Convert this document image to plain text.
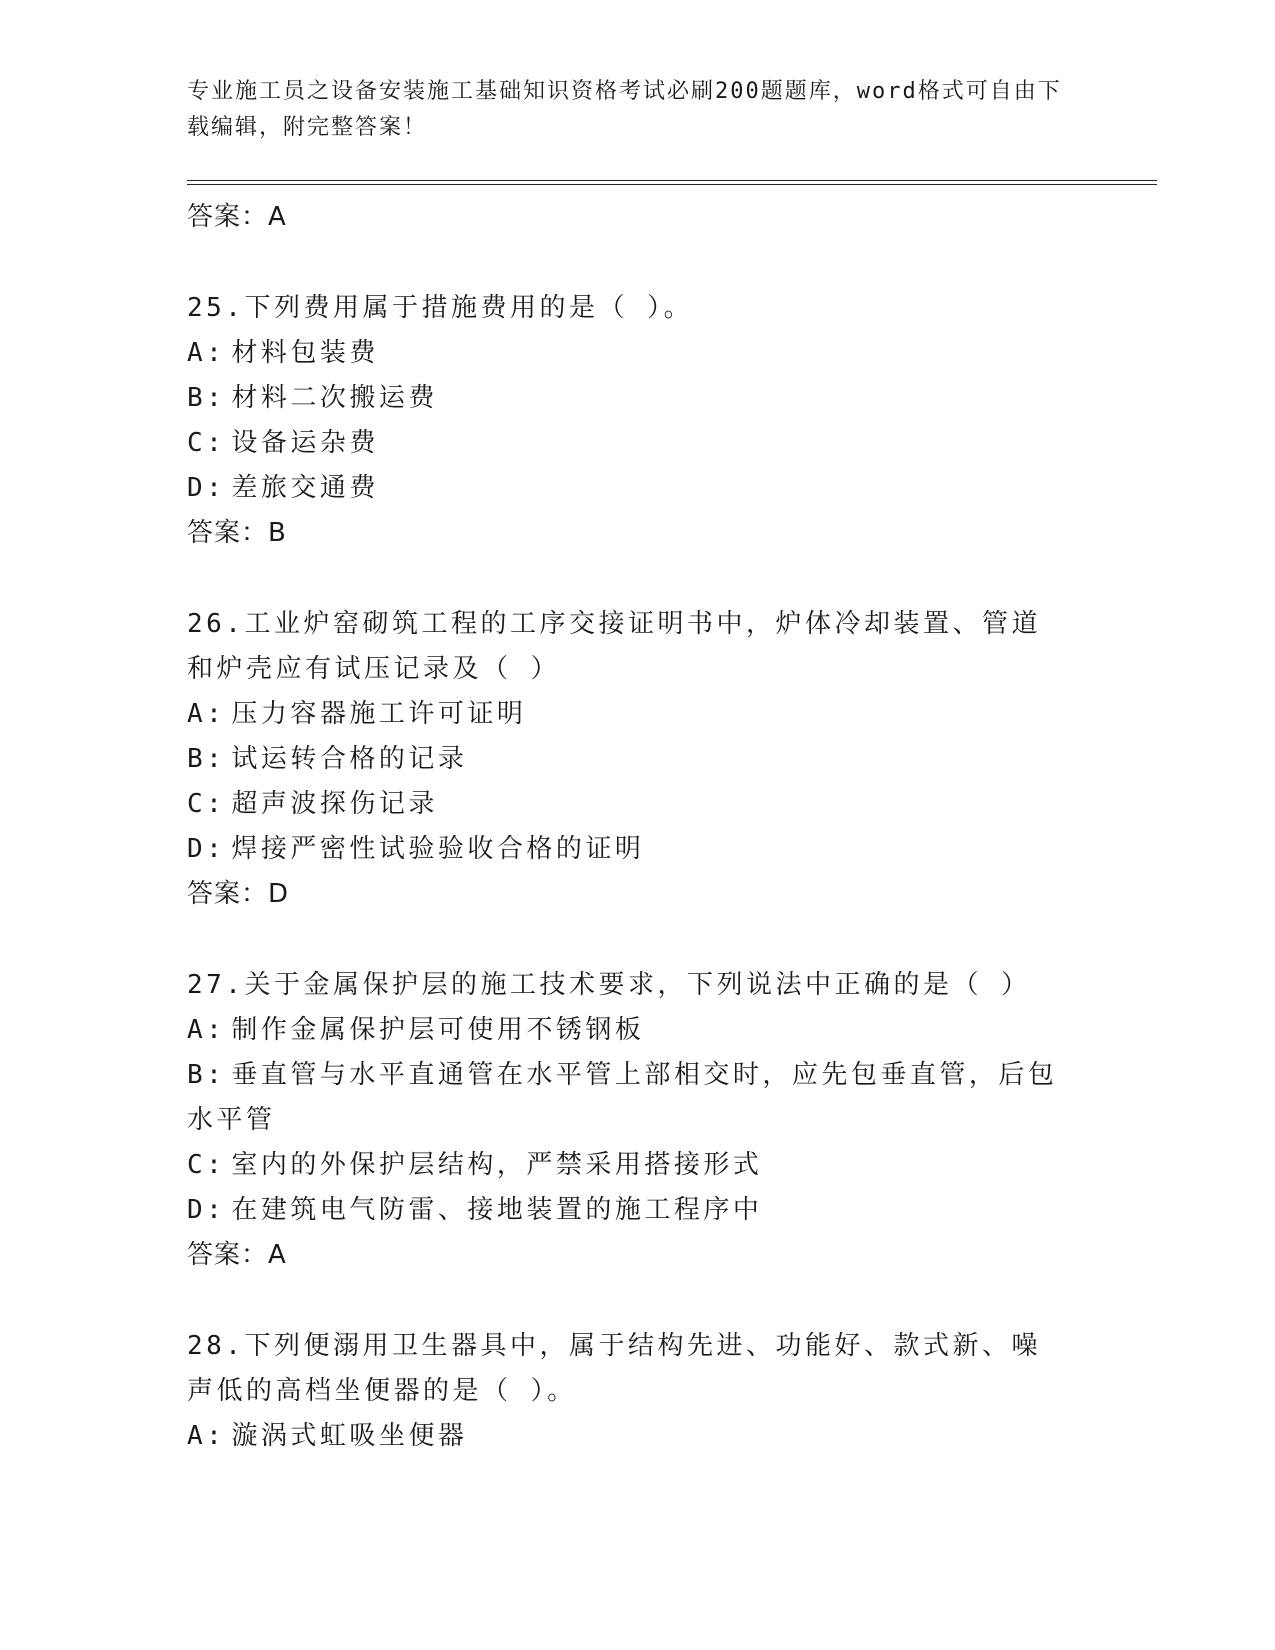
专业施工员之设备安装施工基础知识资格考试必刷200题题库，word格式可自由下载编辑，附完整答案！
答案：A
25.下列费用属于措施费用的是（ ）。
A: 材料包装费
B: 材料二次搬运费
C: 设备运杂费
D: 差旅交通费
答案：B
26.工业炉窑砌筑工程的工序交接证明书中，炉体冷却装置、管道和炉壳应有试压记录及（ ）
A: 压力容器施工许可证明
B: 试运转合格的记录
C: 超声波探伤记录
D: 焊接严密性试验验收合格的证明
答案：D
27.关于金属保护层的施工技术要求，下列说法中正确的是（ ）
A: 制作金属保护层可使用不锈钢板
B: 垂直管与水平直通管在水平管上部相交时，应先包垂直管，后包水平管
C: 室内的外保护层结构，严禁采用搭接形式
D: 在建筑电气防雷、接地装置的施工程序中
答案：A
28.下列便溺用卫生器具中，属于结构先进、功能好、款式新、噪声低的高档坐便器的是（ ）。
A: 漩涡式虹吸坐便器
